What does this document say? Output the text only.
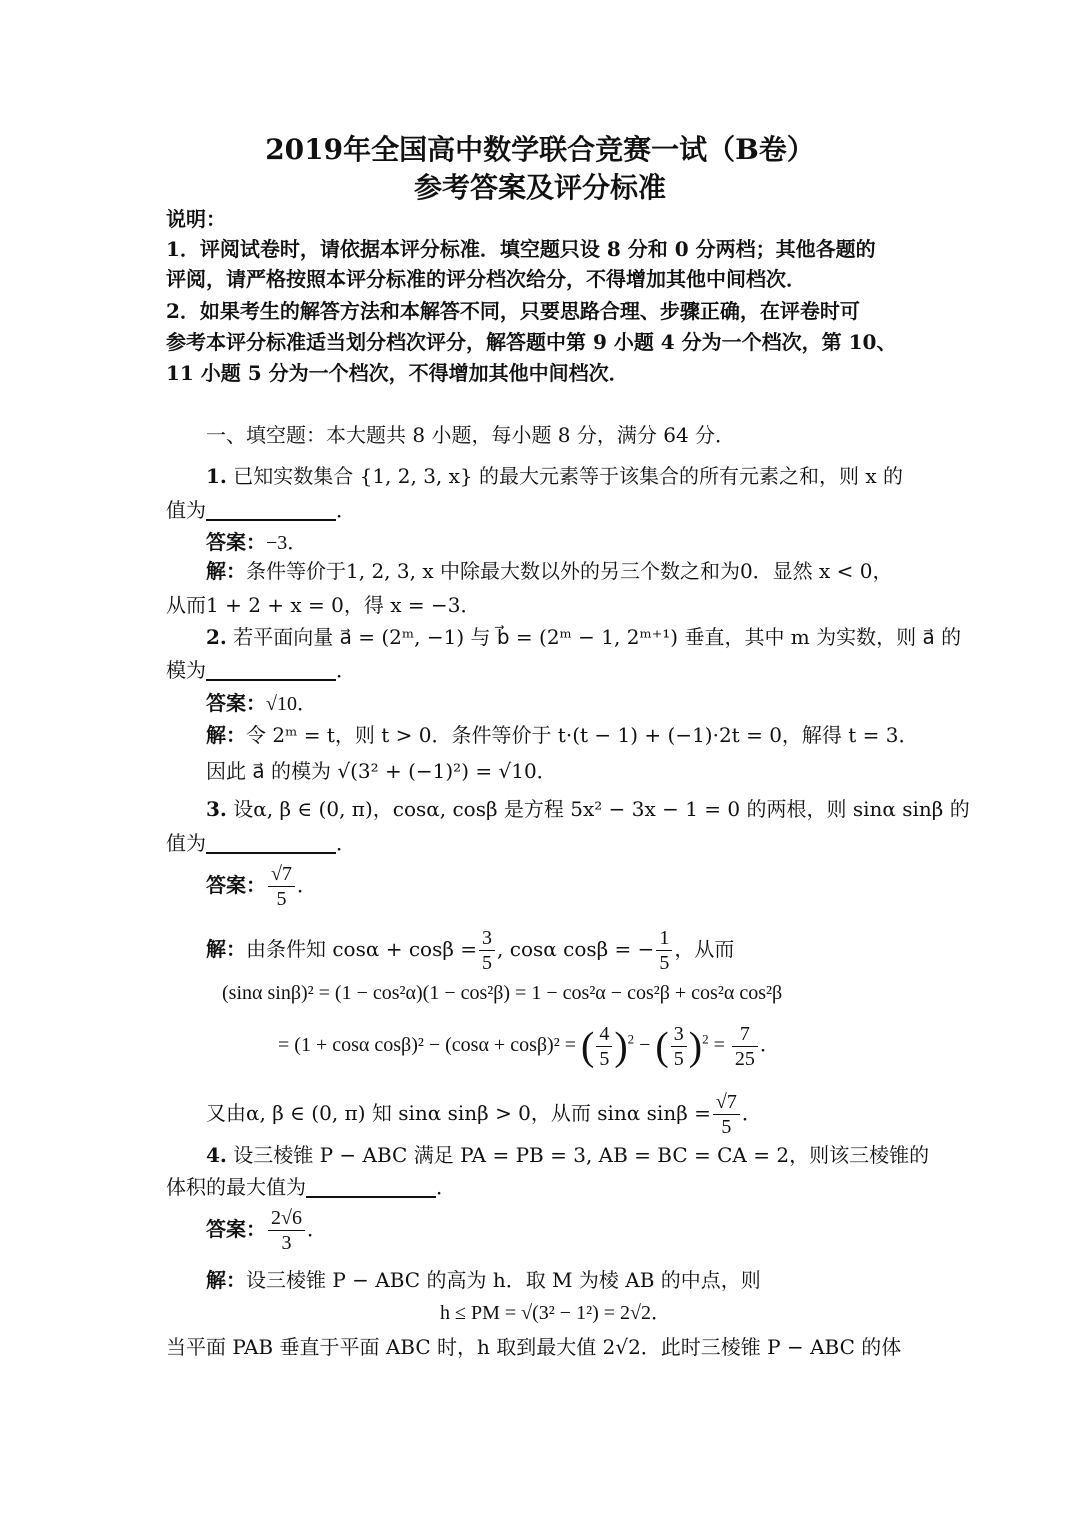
2019年全国高中数学联合竞赛一试（B卷）
参考答案及评分标准
说明：
1．评阅试卷时，请依据本评分标准．填空题只设 8 分和 0 分两档；其他各题的
评阅，请严格按照本评分标准的评分档次给分，不得增加其他中间档次．
2．如果考生的解答方法和本解答不同，只要思路合理、步骤正确，在评卷时可
参考本评分标准适当划分档次评分，解答题中第 9 小题 4 分为一个档次，第 10、
11 小题 5 分为一个档次，不得增加其他中间档次．
一、填空题：本大题共 8 小题，每小题 8 分，满分 64 分．
1. 已知实数集合 {1, 2, 3, x} 的最大元素等于该集合的所有元素之和，则 x 的
值为	．
答案：−3．
解：条件等价于1, 2, 3, x 中除最大数以外的另三个数之和为0．显然 x < 0，
从而1 + 2 + x = 0，得 x = −3．
2. 若平面向量 a⃗ = (2ᵐ, −1) 与 b⃗ = (2ᵐ − 1, 2ᵐ⁺¹) 垂直，其中 m 为实数，则 a⃗ 的
模为	．
答案：√10．
解：令 2ᵐ = t，则 t > 0．条件等价于 t·(t − 1) + (−1)·2t = 0，解得 t = 3．
因此 a⃗ 的模为 √(3² + (−1)²) = √10．
3. 设α, β ∈ (0, π)，cosα, cosβ 是方程 5x² − 3x − 1 = 0 的两根，则 sinα sinβ 的
值为	．
答案： $\frac{√7}{5}$ ．
解：由条件知 $\cos\alpha + \cos\beta = \frac{3}{5}$ , cosα cosβ = − $\frac{1}{5}$ ，从而
(sinα sinβ)² = (1 − cos²α)(1 − cos²β) = 1 − cos²α − cos²β + cos²α cos²β
= (1 + cosα cosβ)² − (cosα + cosβ)² = ( $\frac{4}{5} )^2$ − ( $\frac{3}{5} )^2 = \frac{7}{25}$ ．
又由α, β ∈ (0, π) 知 sinα sinβ > 0，从而 sinα $\sin\beta = \frac{√7}{5}$ ．
4. 设三棱锥 P − ABC 满足 PA = PB = 3, AB = BC = CA = 2，则该三棱锥的
体积的最大值为	．
答案： $\frac{2√6}{3}$ ．
解：设三棱锥 P − ABC 的高为 h．取 M 为棱 AB 的中点，则
h ≤ PM = √(3² − 1²) = 2√2．
当平面 PAB 垂直于平面 ABC 时，h 取到最大值 2√2．此时三棱锥 P − ABC 的体
